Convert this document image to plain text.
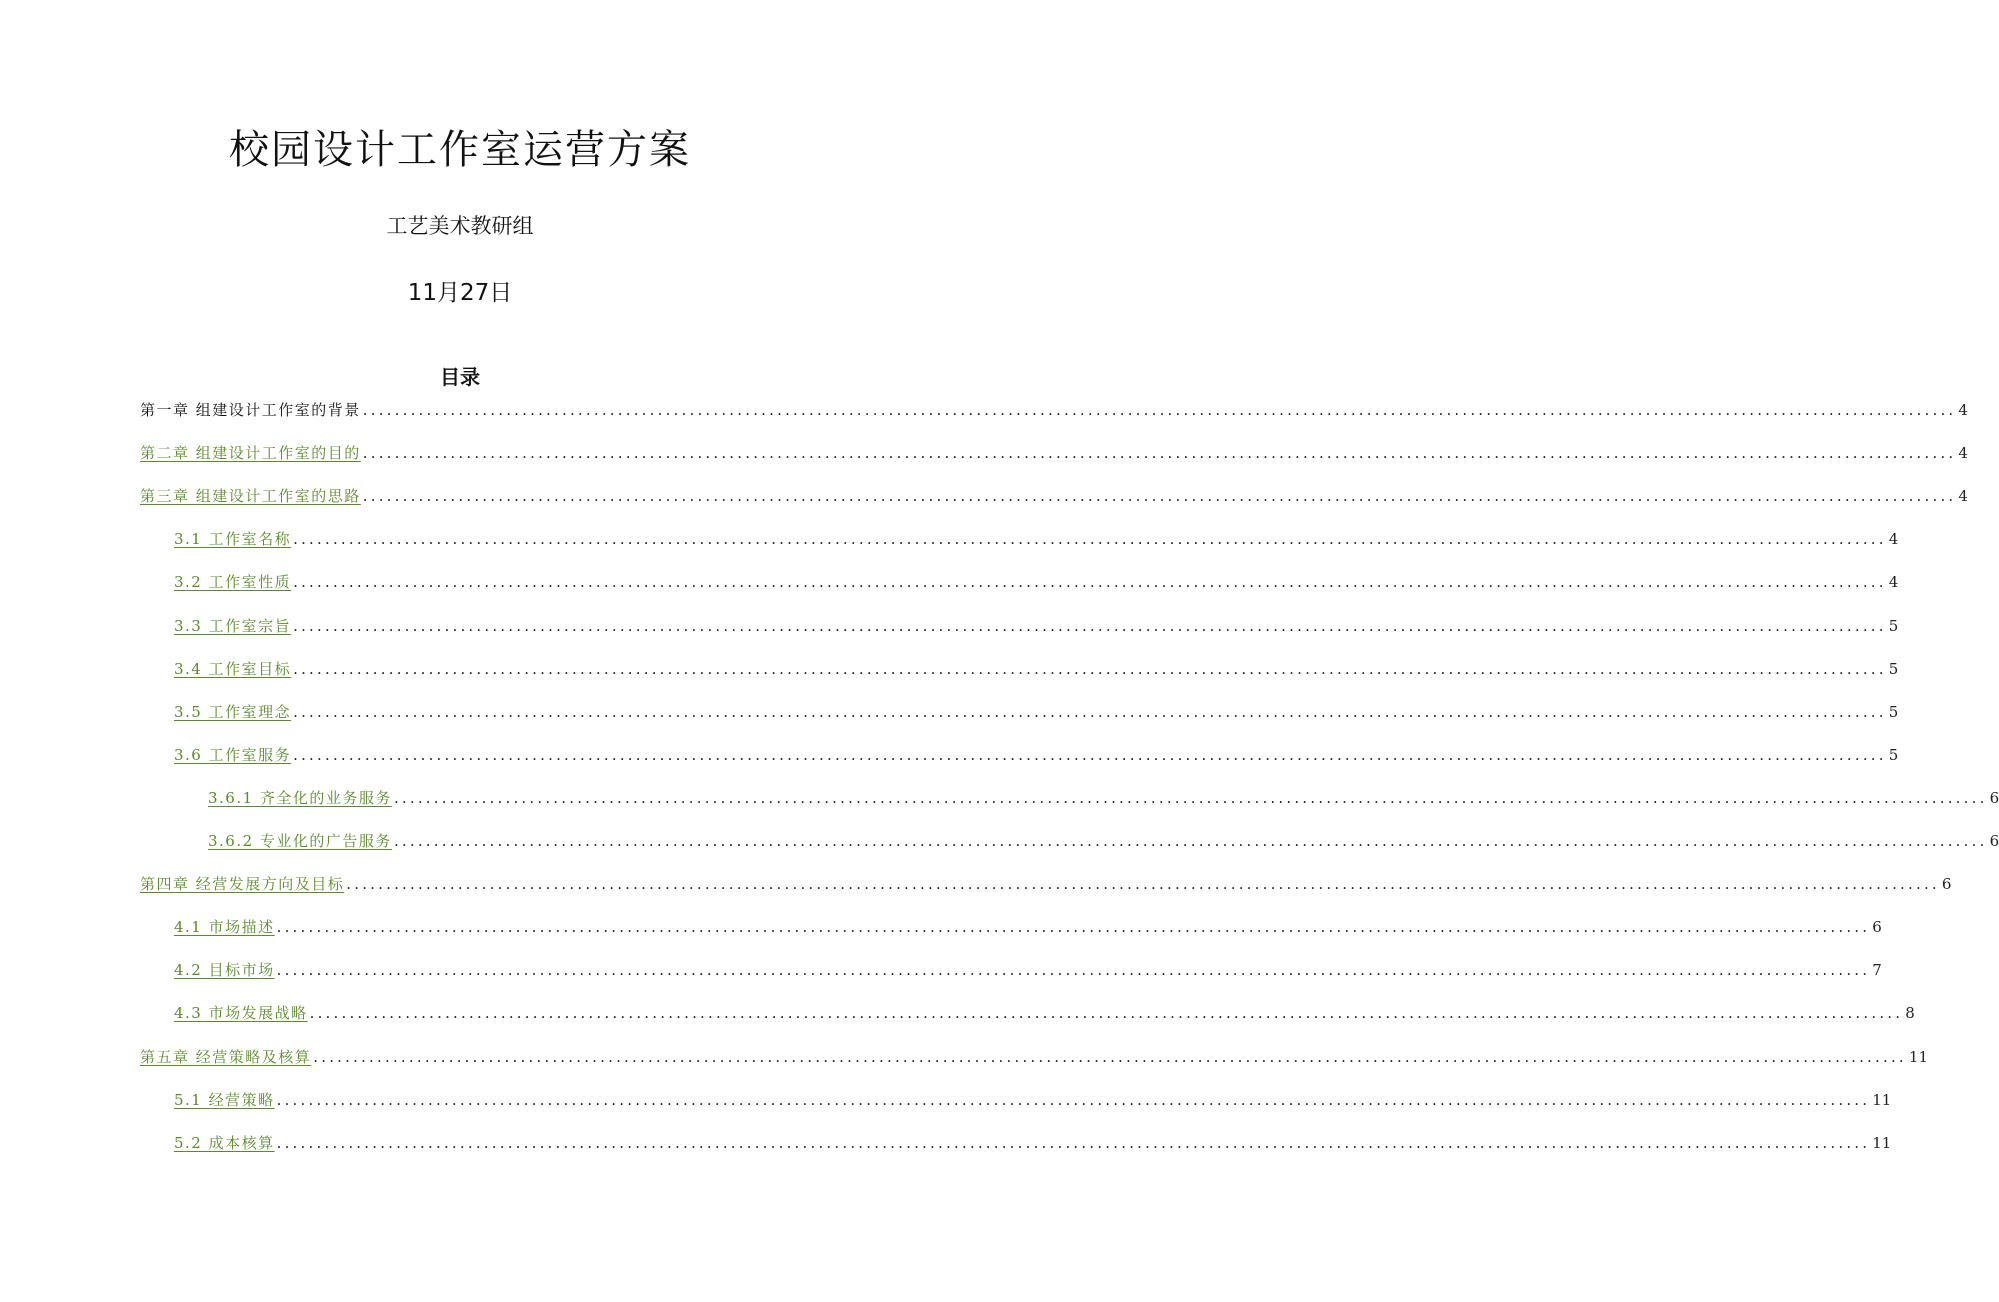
校园设计工作室运营方案
工艺美术教研组
11月27日
目录
第一章 组建设计工作室的背景 ........................................................................................................................................................................................................ 4
第二章 组建设计工作室的目的 ........................................................................................................................................................................................................ 4
第三章 组建设计工作室的思路 ........................................................................................................................................................................................................ 4
3.1 工作室名称 ........................................................................................................................................................................................................ 4
3.2 工作室性质 ........................................................................................................................................................................................................ 4
3.3 工作室宗旨 ........................................................................................................................................................................................................ 5
3.4 工作室目标 ........................................................................................................................................................................................................ 5
3.5 工作室理念 ........................................................................................................................................................................................................ 5
3.6 工作室服务 ........................................................................................................................................................................................................ 5
3.6.1 齐全化的业务服务 ........................................................................................................................................................................................................ 6
3.6.2 专业化的广告服务 ........................................................................................................................................................................................................ 6
第四章 经营发展方向及目标 ........................................................................................................................................................................................................ 6
4.1 市场描述 ........................................................................................................................................................................................................ 6
4.2 目标市场 ........................................................................................................................................................................................................ 7
4.3 市场发展战略 ........................................................................................................................................................................................................ 8
第五章 经营策略及核算 ........................................................................................................................................................................................................ 11
5.1 经营策略 ........................................................................................................................................................................................................ 11
5.2 成本核算 ........................................................................................................................................................................................................ 11
